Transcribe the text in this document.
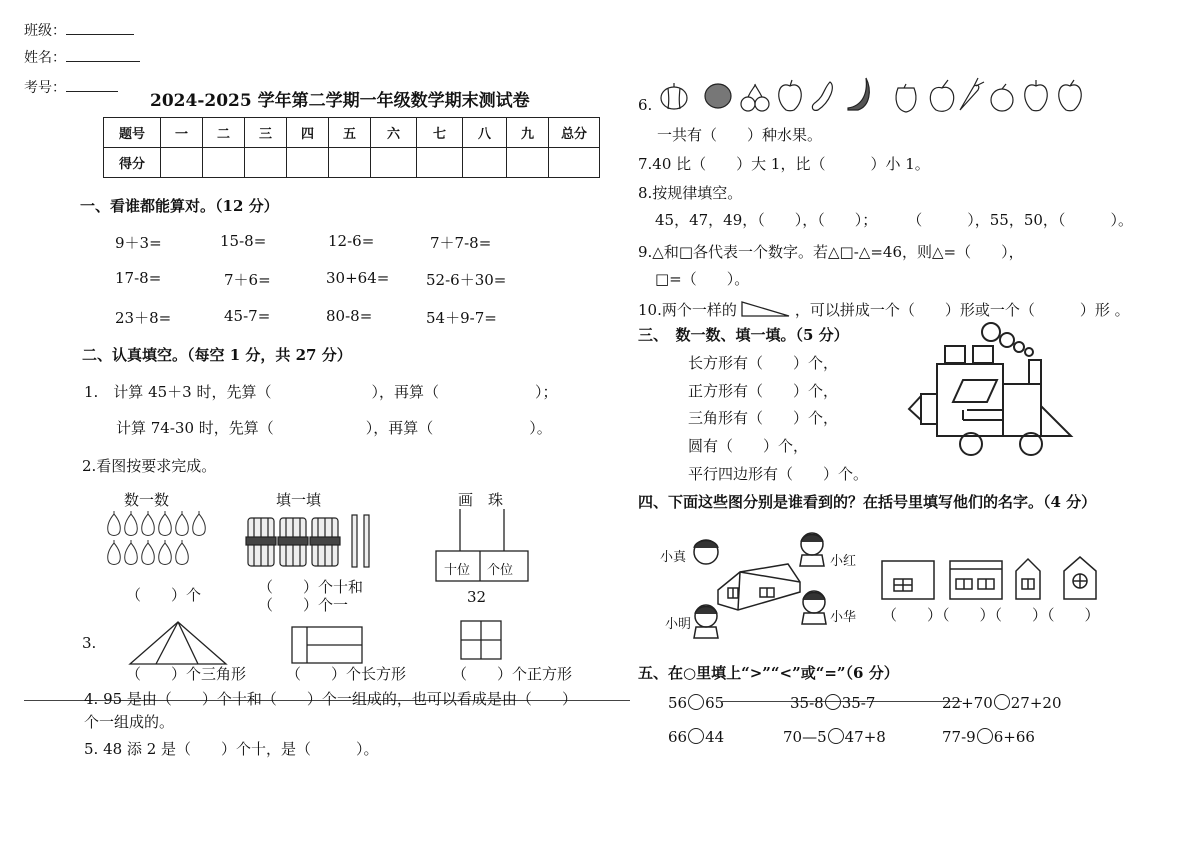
班级：
姓名：
考号：
2024-2025 学年第二学期一年级数学期末测试卷
题号	一	二	三	四	五	六	七	八	九	总分
得分										
一、看谁都能算对。（12 分）
9＋3=	15-8=	12-6=	7＋7-8=
17-8=	7＋6=	30+64= 52-6＋30=
23＋8=	45-7=	80-8=	54＋9-7=
二、认真填空。（每空 1 分，共 27 分）
1.　计算 45＋3 时，先算（	），再算（	）；
计算 74-30 时，先算（	），再算（	）。
2.看图按要求完成。
数一数	填一填	画　珠
（　　）个	（　　）个十和
（　　）个一
十位 个位
32
3.
（　　）个三角形	（　　）个长方形	（　　）个正方形
4. 95 是由（　　）个十和（　　）个一组成的，也可以看成是由（　　）
个一组成的。
5. 48 添 2 是（　　）个十，是（　　　）。
6.
一共有（　　）种水果。
7.40 比（　　）大 1，比（　　　）小 1。
8.按规律填空。
45，47，49，（　　），（　　）；　　　（　　　），55，50，（　　　）。
9.△和□各代表一个数字。若△□-△=46，则△=（　　），
□=（　　）。
10.两个一样的	，可以拼成一个（　　）形或一个（　　　）形 。
三、　数一数、填一填。（5 分）
长方形有（　　）个，
正方形有（　　）个，
三角形有（　　）个，
圆有（　　）个，
平行四边形有（　　）个。
四、下面这些图分别是谁看到的？在括号里填写他们的名字。（4 分）
小真	小红
小明	小华 （　　）（　　）（　　）（　　）
五、在○里填上“>”“<”或“=”（6 分）
56 65	35-8 35-7	22+70 27+20
66 44	70—5 47+8	77-9 6+66
